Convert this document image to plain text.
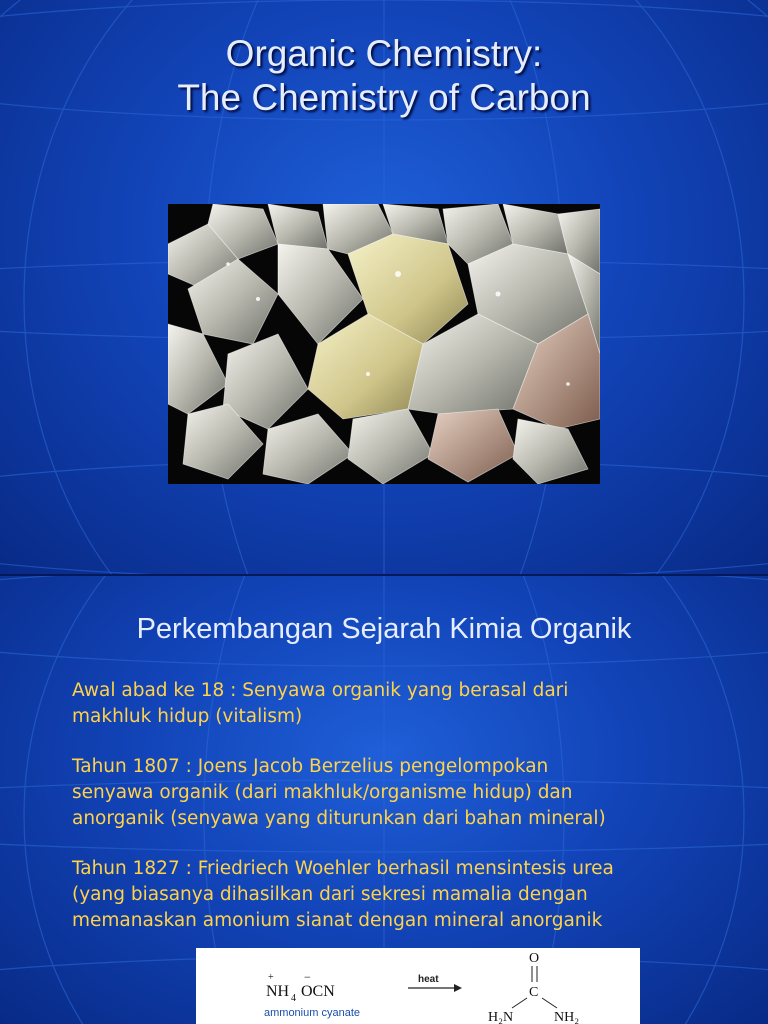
Organic Chemistry:
The Chemistry of Carbon
Perkembangan Sejarah Kimia Organik
Awal abad ke 18 : Senyawa organik yang berasal dari
makhluk hidup (vitalism)
Tahun 1807 : Joens Jacob Berzelius pengelompokan
senyawa organik (dari makhluk/organisme hidup) dan
anorganik (senyawa yang diturunkan dari bahan mineral)
Tahun 1827 : Friedriech Woehler berhasil mensintesis urea
(yang biasanya dihasilkan dari sekresi mamalia dengan
memanaskan amonium sianat dengan mineral anorganik
+
NH 4
−
OCN
ammonium cyanate
heat
O
C
H₂N	NH₂
